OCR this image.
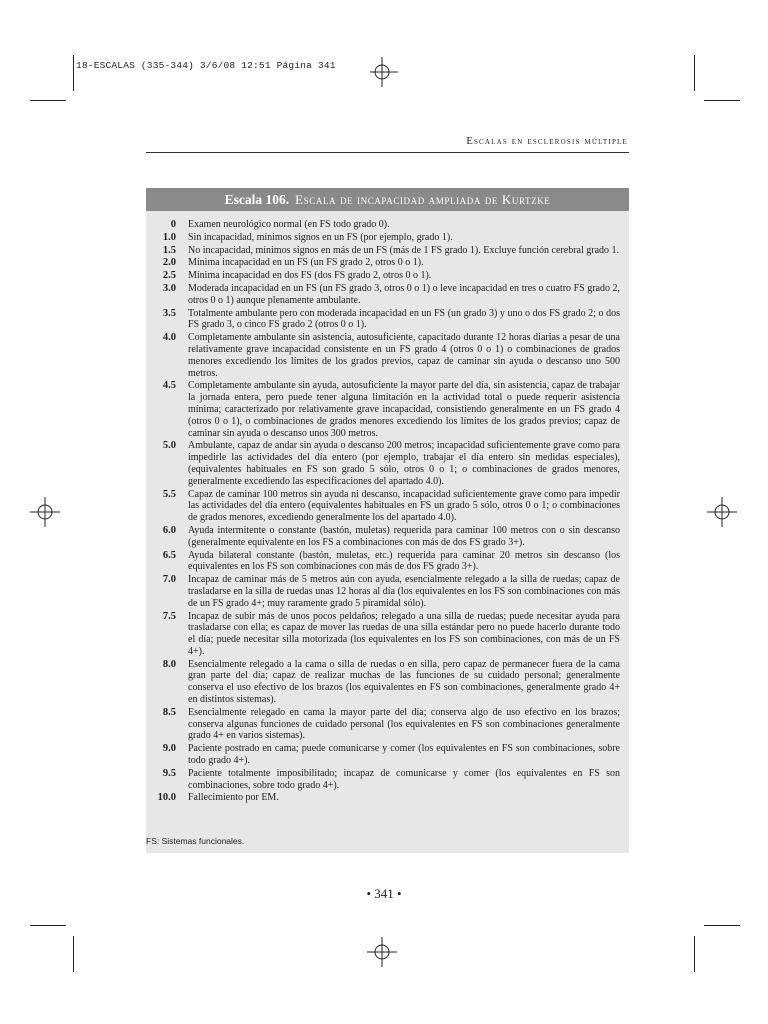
18-ESCALAS (335-344) 3/6/08 12:51 Página 341
Escalas en esclerosis múltiple
Escala 106. Escala de incapacidad ampliada de Kurtzke
0 Examen neurológico normal (en FS todo grado 0).
1.0 Sin incapacidad, mínimos signos en un FS (por ejemplo, grado 1).
1.5 No incapacidad, mínimos signos en más de un FS (más de 1 FS grado 1). Excluye función cerebral grado 1.
2.0 Mínima incapacidad en un FS (un FS grado 2, otros 0 o 1).
2.5 Mínima incapacidad en dos FS (dos FS grado 2, otros 0 o 1).
3.0 Moderada incapacidad en un FS (un FS grado 3, otros 0 o 1) o leve incapacidad en tres o cuatro FS grado 2, otros 0 o 1) aunque plenamente ambulante.
3.5 Totalmente ambulante pero con moderada incapacidad en un FS (un grado 3) y uno o dos FS grado 2; o dos FS grado 3, o cinco FS grado 2 (otros 0 o 1).
4.0 Completamente ambulante sin asistencia, autosuficiente, capacitado durante 12 horas diarias a pesar de una relativamente grave incapacidad consistente en un FS grado 4 (otros 0 o 1) o combinaciones de grados menores excediendo los límites de los grados previos, capaz de caminar sin ayuda o descanso uno 500 metros.
4.5 Completamente ambulante sin ayuda, autosuficiente la mayor parte del día, sin asistencia, capaz de trabajar la jornada entera, pero puede tener alguna limitación en la actividad total o puede requerir asistencia mínima; caracterizado por relativamente grave incapacidad, consistiendo generalmente en un FS grado 4 (otros 0 o 1), o combinaciones de grados menores excediendo los límites de los grados previos; capaz de caminar sin ayuda o descanso unos 300 metros.
5.0 Ambulante, capaz de andar sin ayuda o descanso 200 metros; incapacidad suficientemente grave como para impedirle las actividades del día entero (por ejemplo, trabajar el día entero sin medidas especiales), (equivalentes habituales en FS son grado 5 sólo, otros 0 o 1; o combinaciones de grados menores, generalmente excediendo las especificaciones del apartado 4.0).
5.5 Capaz de caminar 100 metros sin ayuda ni descanso, incapacidad suficientemente grave como para impedir las actividades del día entero (equivalentes habituales en FS un grado 5 sólo, otros 0 o 1; o combinaciones de grados menores, excediendo generalmente los del apartado 4.0).
6.0 Ayuda intermitente o constante (bastón, muletas) requerida para caminar 100 metros con o sin descanso (generalmente equivalente en los FS a combinaciones con más de dos FS grado 3+).
6.5 Ayuda bilateral constante (bastón, muletas, etc.) requerida para caminar 20 metros sin descanso (los equivalentes en los FS son combinaciones con más de dos FS grado 3+).
7.0 Incapaz de caminar más de 5 metros aún con ayuda, esencialmente relegado a la silla de ruedas; capaz de trasladarse en la silla de ruedas unas 12 horas al día (los equivalentes en los FS son combinaciones con más de un FS grado 4+; muy raramente grado 5 piramidal sólo).
7.5 Incapaz de subir más de unos pocos peldaños; relegado a una silla de ruedas; puede necesitar ayuda para trasladarse con ella; es capaz de mover las ruedas de una silla estándar pero no puede hacerlo durante todo el día; puede necesitar silla motorizada (los equivalentes en los FS son combinaciones, con más de un FS 4+).
8.0 Esencialmente relegado a la cama o silla de ruedas o en silla, pero capaz de permanecer fuera de la cama gran parte del día; capaz de realizar muchas de las funciones de su cuidado personal; generalmente conserva el uso efectivo de los brazos (los equivalentes en FS son combinaciones, generalmente grado 4+ en distintos sistemas).
8.5 Esencialmente relegado en cama la mayor parte del día; conserva algo de uso efectivo en los brazos; conserva algunas funciones de cuidado personal (los equivalentes en FS son combinaciones generalmente grado 4+ en varios sistemas).
9.0 Paciente postrado en cama; puede comunicarse y comer (los equivalentes en FS son combinaciones, sobre todo grado 4+).
9.5 Paciente totalmente imposibilitado; incapaz de comunicarse y comer (los equivalentes en FS son combinaciones, sobre todo grado 4+).
10.0 Fallecimiento por EM.
FS: Sistemas funcionales.
• 341 •
